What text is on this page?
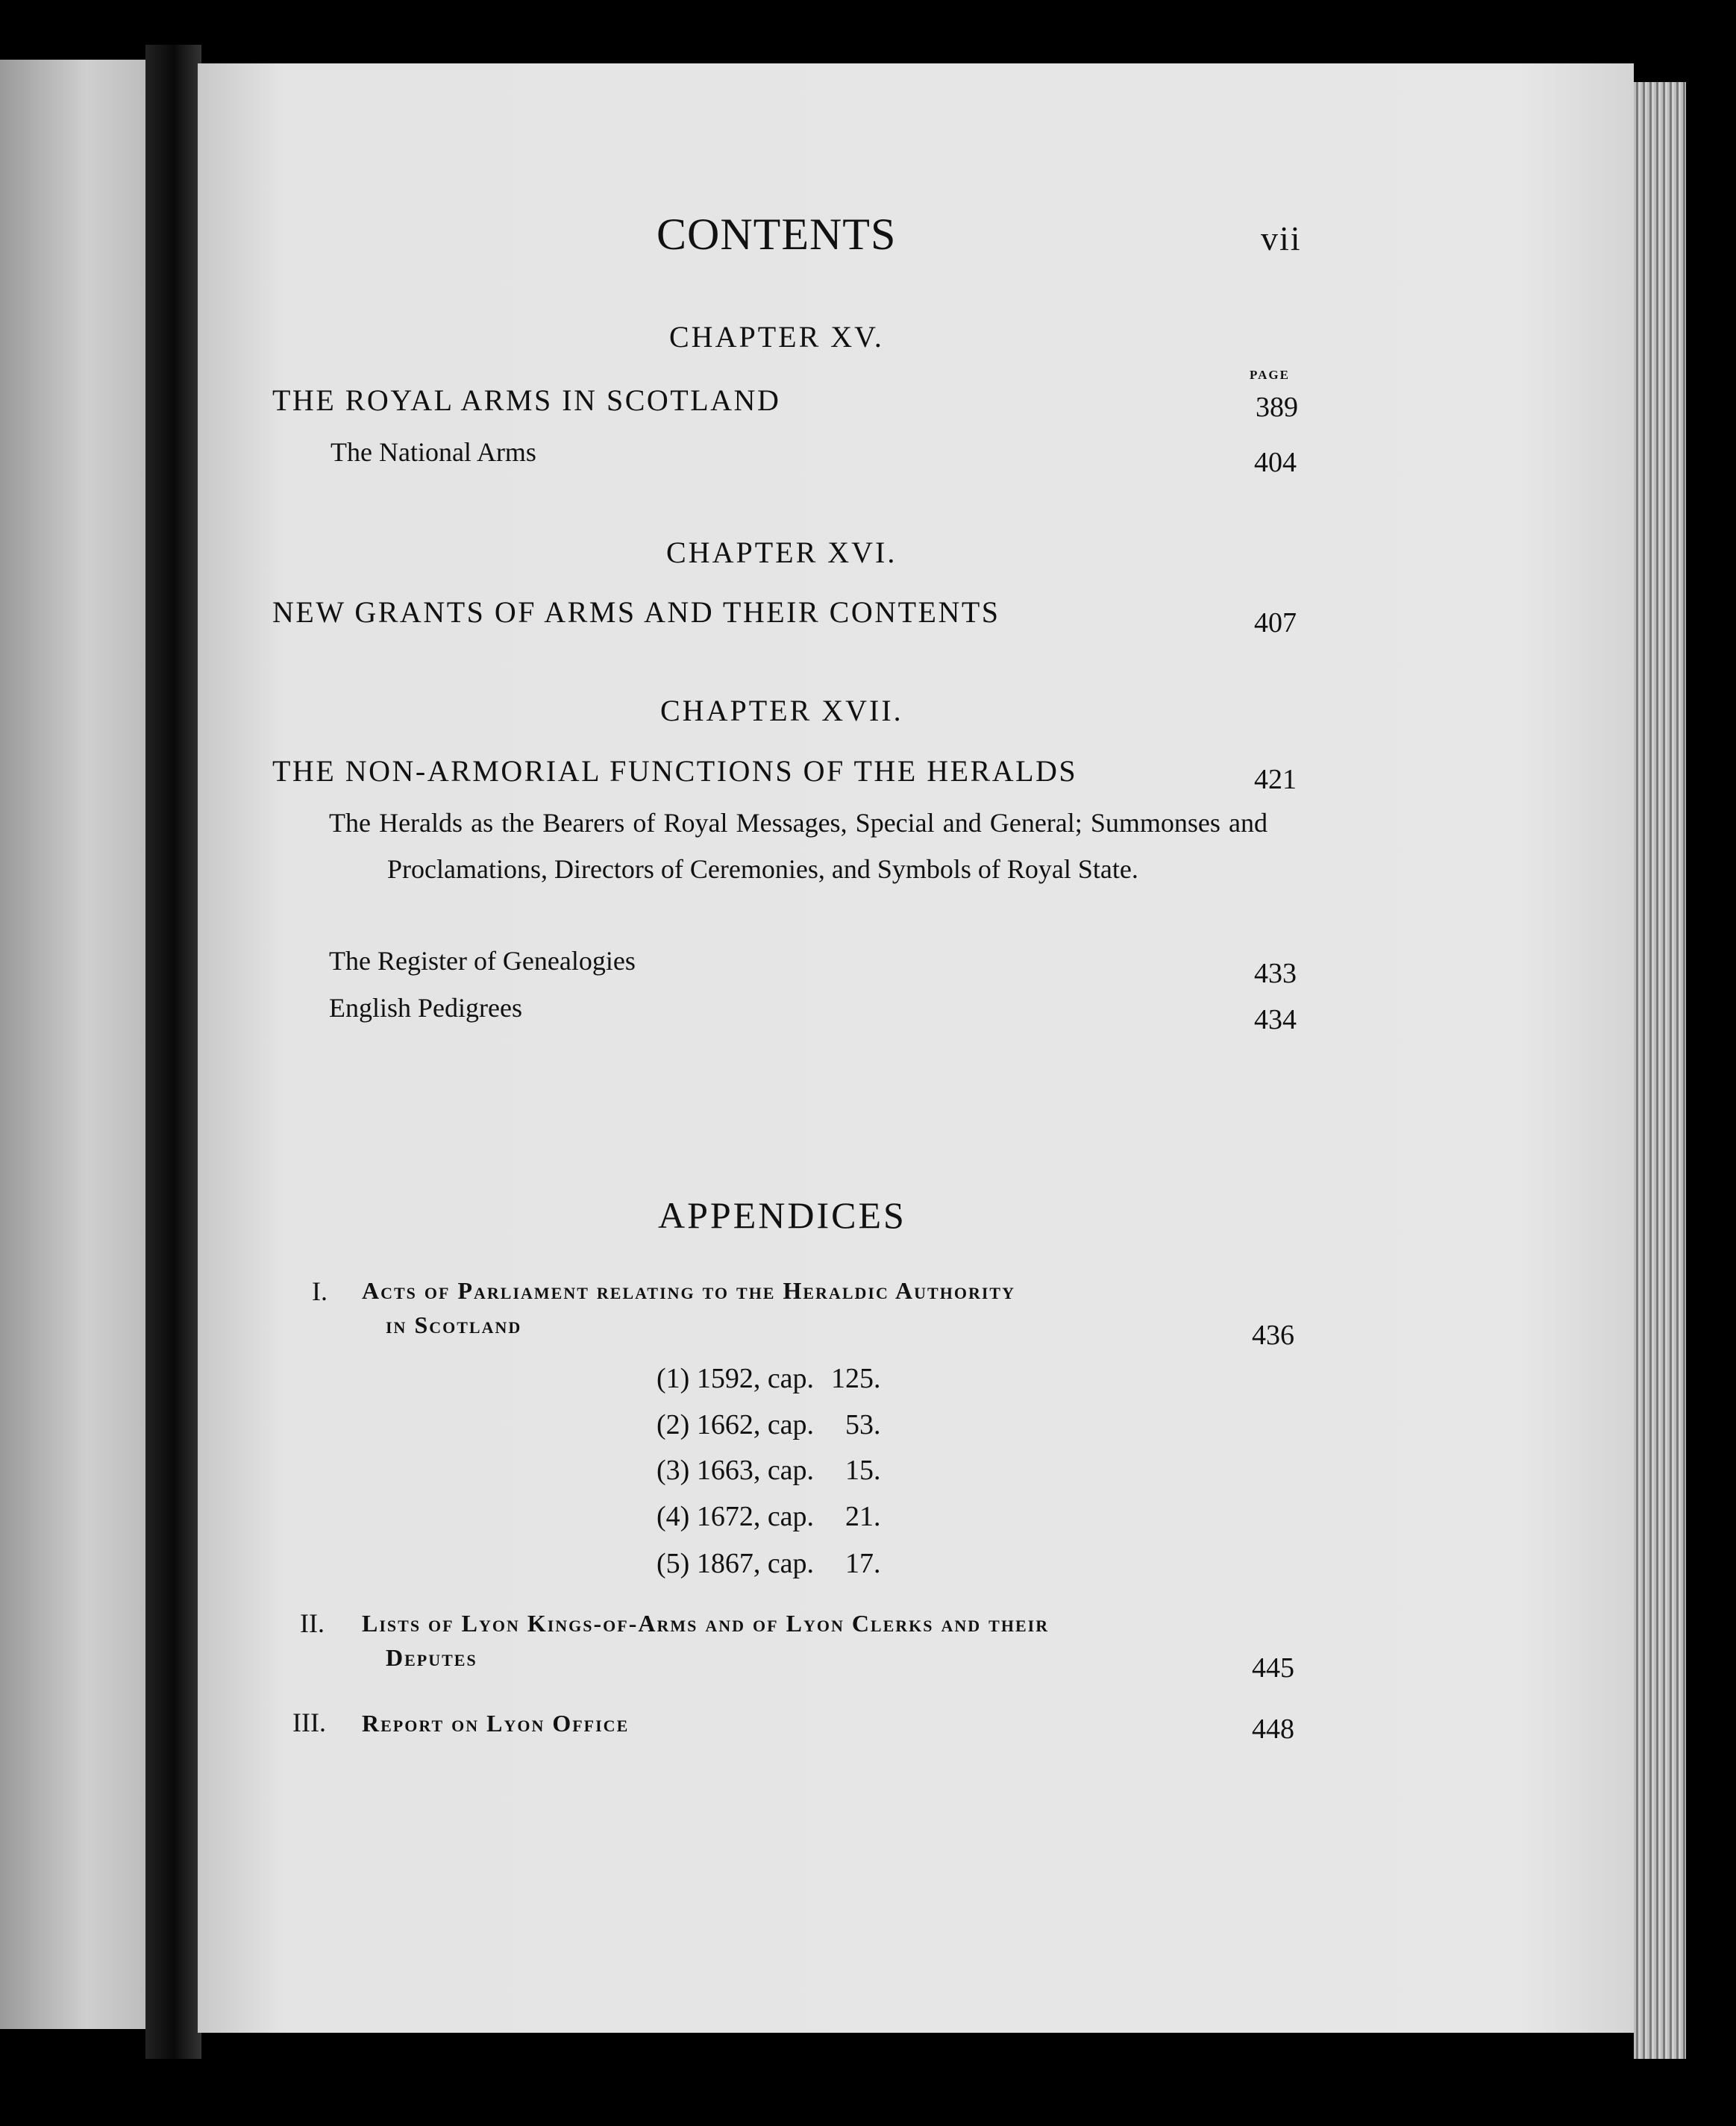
CONTENTS	vii
CHAPTER XV.
PAGE
THE ROYAL ARMS IN SCOTLAND	389
The National Arms	404
CHAPTER XVI.
NEW GRANTS OF ARMS AND THEIR CONTENTS	407
CHAPTER XVII.
THE NON-ARMORIAL FUNCTIONS OF THE HERALDS	421
The Heralds as the Bearers of Royal Messages, Special and General; Summonses and Proclamations, Directors of Ceremonies, and Symbols of Royal State.
The Register of Genealogies	433
English Pedigrees	434
APPENDICES
I. Acts of Parliament relating to the Heraldic Authority
in Scotland	436
(1) 1592, cap. 125.
(2) 1662, cap. 53.
(3) 1663, cap. 15.
(4) 1672, cap. 21.
(5) 1867, cap. 17.
II. Lists of Lyon Kings-of-Arms and of Lyon Clerks and their
Deputes	445
III. Report on Lyon Office	448
